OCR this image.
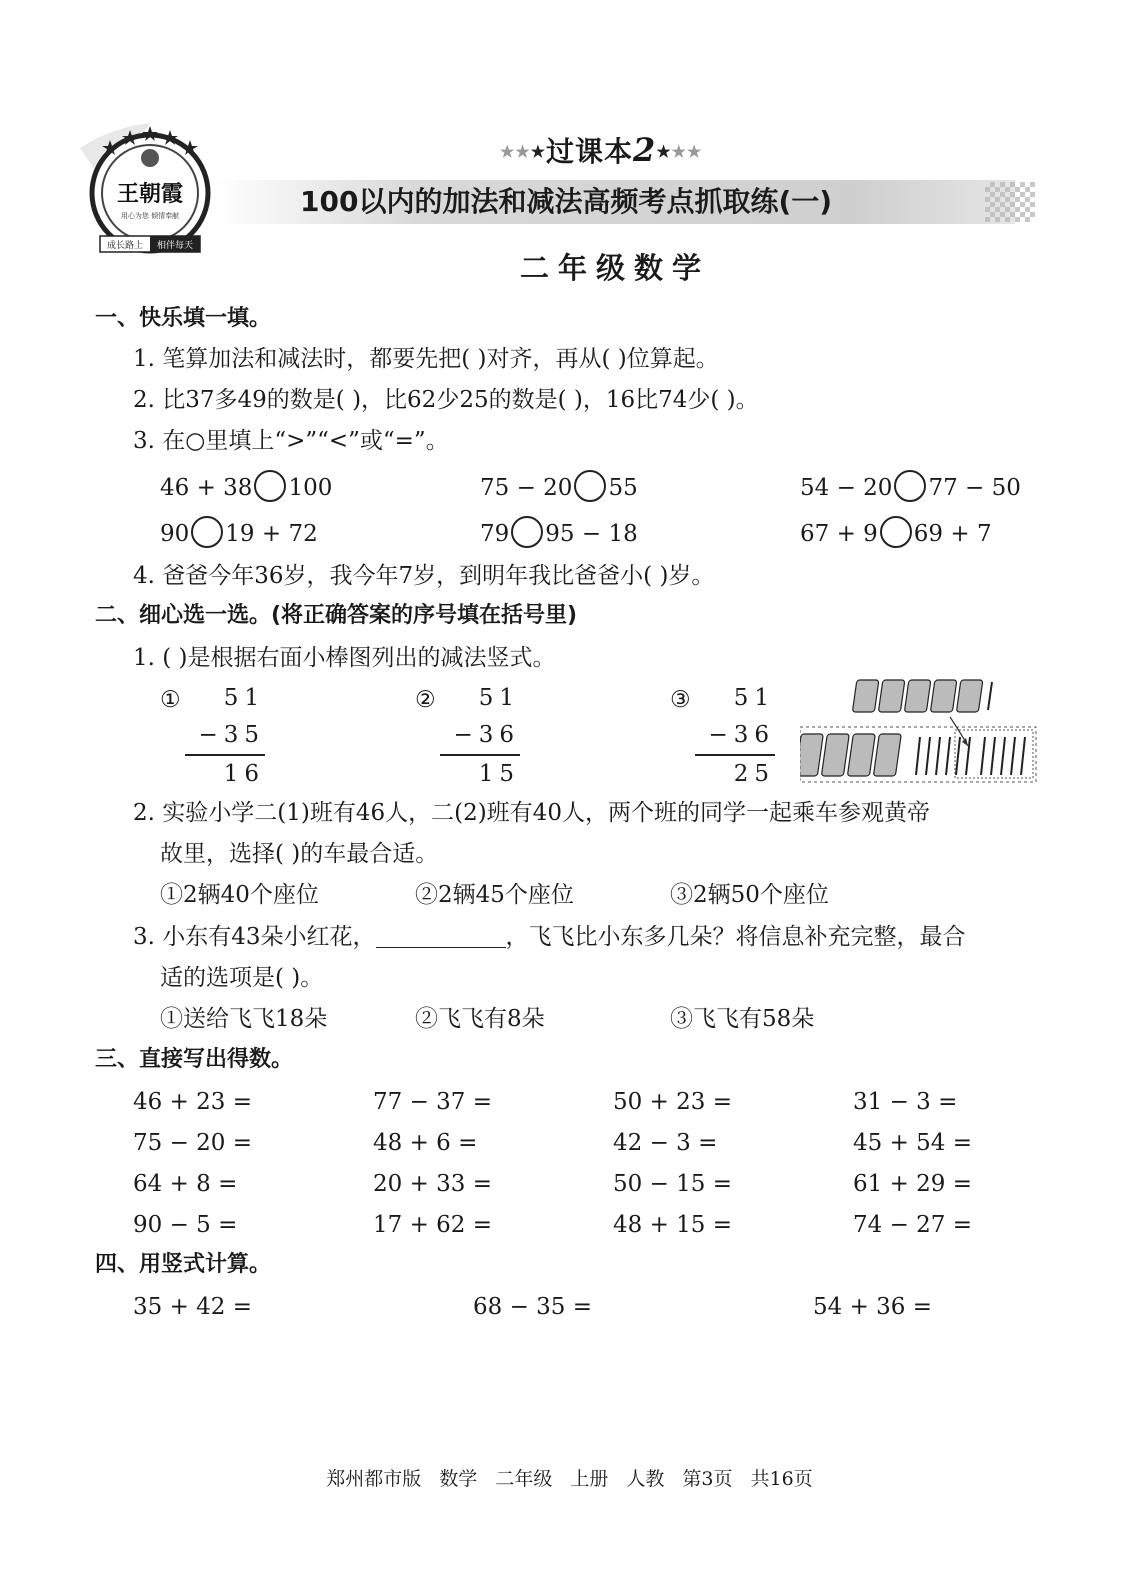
王朝霞
用心为您 倾情奉献
成长路上 相伴每天
★★★过课本2★★★
100以内的加法和减法高频考点抓取练(一)
二年级数学
一、快乐填一填。
1. 笔算加法和减法时，都要先把( )对齐，再从( )位算起。
2. 比37多49的数是( )，比62少25的数是( )，16比74少( )。
3. 在○里填上“>”“<”或“=”。
46 + 38 100	75 − 20 55	54 − 20 77 − 50
90 19 + 72	79 95 − 18	67 + 9 69 + 7
4. 爸爸今年36岁，我今年7岁，到明年我比爸爸小( )岁。
二、细心选一选。(将正确答案的序号填在括号里)
1. ( )是根据右面小棒图列出的减法竖式。
①	51
−35
16
②	51
−36
15
③	51
−36
25
2. 实验小学二(1)班有46人，二(2)班有40人，两个班的同学一起乘车参观黄帝
故里，选择( )的车最合适。
①2辆40个座位	②2辆45个座位	③2辆50个座位
3. 小东有43朵小红花，	，飞飞比小东多几朵？将信息补充完整，最合
适的选项是( )。
①送给飞飞18朵	②飞飞有8朵	③飞飞有58朵
三、直接写出得数。
46 + 23 =	77 − 37 =	50 + 23 =	31 − 3 =
75 − 20 =	48 + 6 =	42 − 3 =	45 + 54 =
64 + 8 =	20 + 33 =	50 − 15 =	61 + 29 =
90 − 5 =	17 + 62 =	48 + 15 =	74 − 27 =
四、用竖式计算。
35 + 42 =	68 − 35 =	54 + 36 =
郑州都市版 数学 二年级 上册 人教 第3页 共16页
